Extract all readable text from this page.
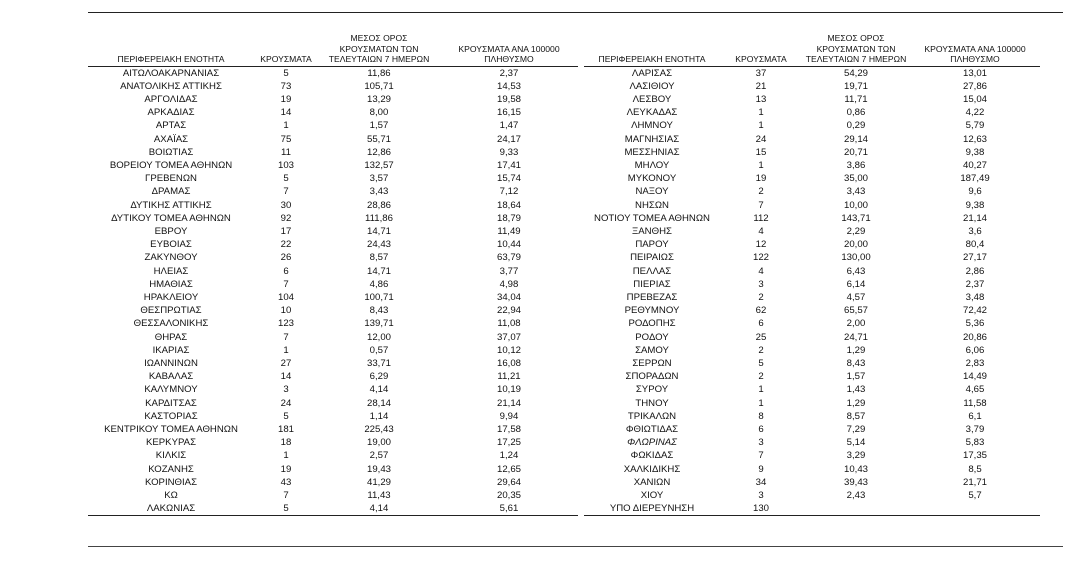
ΠΕΡΙΦΕΡΕΙΑΚΗ ΕΝΟΤΗΤΑ	ΚΡΟΥΣΜΑΤΑ	ΜΕΣΟΣ ΟΡΟΣ
ΚΡΟΥΣΜΑΤΩΝ ΤΩΝ
ΤΕΛΕΥΤΑΙΩΝ 7 ΗΜΕΡΩΝ	ΚΡΟΥΣΜΑΤΑ ΑΝΑ 100000
ΠΛΗΘΥΣΜΟ
ΑΙΤΩΛΟΑΚΑΡΝΑΝΙΑΣ	5	11,86	2,37
ΑΝΑΤΟΛΙΚΗΣ ΑΤΤΙΚΗΣ	73	105,71	14,53
ΑΡΓΟΛΙΔΑΣ	19	13,29	19,58
ΑΡΚΑΔΙΑΣ	14	8,00	16,15
ΑΡΤΑΣ	1	1,57	1,47
ΑΧΑΪΑΣ	75	55,71	24,17
ΒΟΙΩΤΙΑΣ	11	12,86	9,33
ΒΟΡΕΙΟΥ ΤΟΜΕΑ ΑΘΗΝΩΝ	103	132,57	17,41
ΓΡΕΒΕΝΩΝ	5	3,57	15,74
ΔΡΑΜΑΣ	7	3,43	7,12
ΔΥΤΙΚΗΣ ΑΤΤΙΚΗΣ	30	28,86	18,64
ΔΥΤΙΚΟΥ ΤΟΜΕΑ ΑΘΗΝΩΝ	92	111,86	18,79
ΕΒΡΟΥ	17	14,71	11,49
ΕΥΒΟΙΑΣ	22	24,43	10,44
ΖΑΚΥΝΘΟΥ	26	8,57	63,79
ΗΛΕΙΑΣ	6	14,71	3,77
ΗΜΑΘΙΑΣ	7	4,86	4,98
ΗΡΑΚΛΕΙΟΥ	104	100,71	34,04
ΘΕΣΠΡΩΤΙΑΣ	10	8,43	22,94
ΘΕΣΣΑΛΟΝΙΚΗΣ	123	139,71	11,08
ΘΗΡΑΣ	7	12,00	37,07
ΙΚΑΡΙΑΣ	1	0,57	10,12
ΙΩΑΝΝΙΝΩΝ	27	33,71	16,08
ΚΑΒΑΛΑΣ	14	6,29	11,21
ΚΑΛΥΜΝΟΥ	3	4,14	10,19
ΚΑΡΔΙΤΣΑΣ	24	28,14	21,14
ΚΑΣΤΟΡΙΑΣ	5	1,14	9,94
ΚΕΝΤΡΙΚΟΥ ΤΟΜΕΑ ΑΘΗΝΩΝ	181	225,43	17,58
ΚΕΡΚΥΡΑΣ	18	19,00	17,25
ΚΙΛΚΙΣ	1	2,57	1,24
ΚΟΖΑΝΗΣ	19	19,43	12,65
ΚΟΡΙΝΘΙΑΣ	43	41,29	29,64
ΚΩ	7	11,43	20,35
ΛΑΚΩΝΙΑΣ	5	4,14	5,61
ΠΕΡΙΦΕΡΕΙΑΚΗ ΕΝΟΤΗΤΑ	ΚΡΟΥΣΜΑΤΑ	ΜΕΣΟΣ ΟΡΟΣ
ΚΡΟΥΣΜΑΤΩΝ ΤΩΝ
ΤΕΛΕΥΤΑΙΩΝ 7 ΗΜΕΡΩΝ	ΚΡΟΥΣΜΑΤΑ ΑΝΑ 100000
ΠΛΗΘΥΣΜΟ
ΛΑΡΙΣΑΣ	37	54,29	13,01
ΛΑΣΙΘΙΟΥ	21	19,71	27,86
ΛΕΣΒΟΥ	13	11,71	15,04
ΛΕΥΚΑΔΑΣ	1	0,86	4,22
ΛΗΜΝΟΥ	1	0,29	5,79
ΜΑΓΝΗΣΙΑΣ	24	29,14	12,63
ΜΕΣΣΗΝΙΑΣ	15	20,71	9,38
ΜΗΛΟΥ	1	3,86	40,27
ΜΥΚΟΝΟΥ	19	35,00	187,49
ΝΑΞΟΥ	2	3,43	9,6
ΝΗΣΩΝ	7	10,00	9,38
ΝΟΤΙΟΥ ΤΟΜΕΑ ΑΘΗΝΩΝ	112	143,71	21,14
ΞΑΝΘΗΣ	4	2,29	3,6
ΠΑΡΟΥ	12	20,00	80,4
ΠΕΙΡΑΙΩΣ	122	130,00	27,17
ΠΕΛΛΑΣ	4	6,43	2,86
ΠΙΕΡΙΑΣ	3	6,14	2,37
ΠΡΕΒΕΖΑΣ	2	4,57	3,48
ΡΕΘΥΜΝΟΥ	62	65,57	72,42
ΡΟΔΟΠΗΣ	6	2,00	5,36
ΡΟΔΟΥ	25	24,71	20,86
ΣΑΜΟΥ	2	1,29	6,06
ΣΕΡΡΩΝ	5	8,43	2,83
ΣΠΟΡΑΔΩΝ	2	1,57	14,49
ΣΥΡΟΥ	1	1,43	4,65
ΤΗΝΟΥ	1	1,29	11,58
ΤΡΙΚΑΛΩΝ	8	8,57	6,1
ΦΘΙΩΤΙΔΑΣ	6	7,29	3,79
ΦΛΩΡΙΝΑΣ	3	5,14	5,83
ΦΩΚΙΔΑΣ	7	3,29	17,35
ΧΑΛΚΙΔΙΚΗΣ	9	10,43	8,5
ΧΑΝΙΩΝ	34	39,43	21,71
ΧΙΟΥ	3	2,43	5,7
ΥΠΟ ΔΙΕΡΕΥΝΗΣΗ	130		
